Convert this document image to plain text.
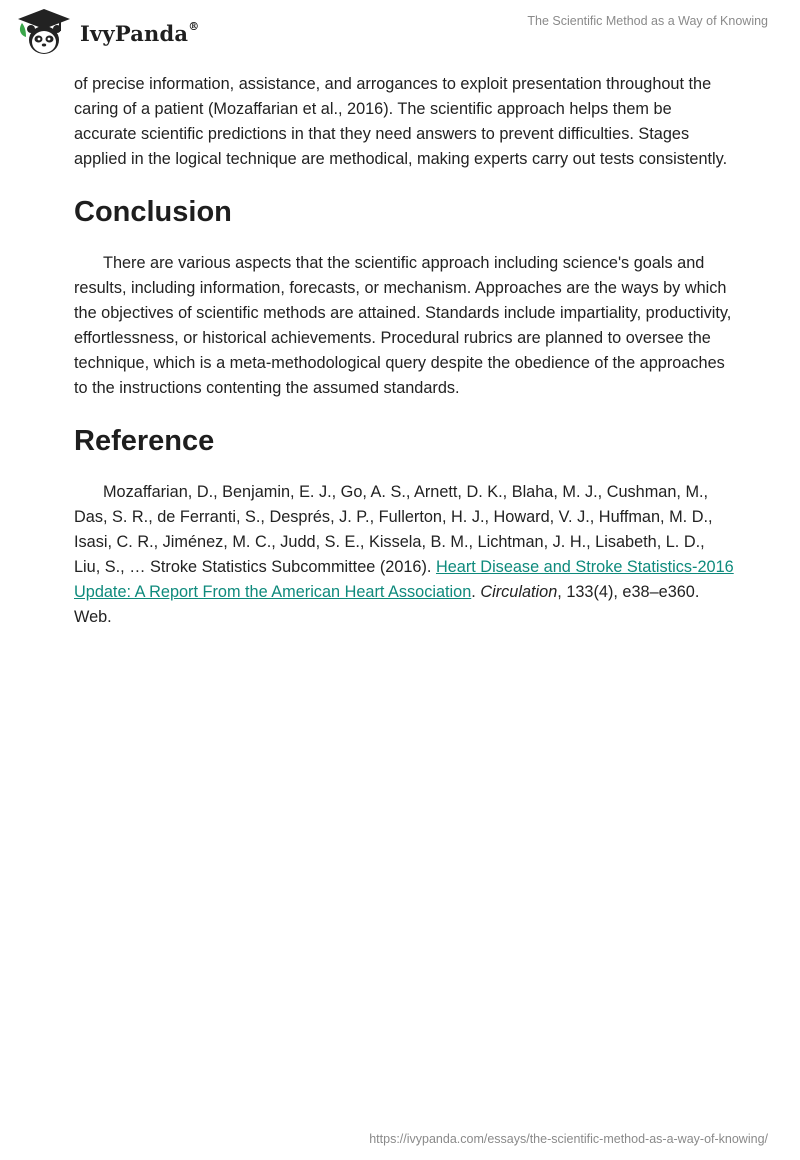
IvyPanda®	The Scientific Method as a Way of Knowing

of precise information, assistance, and arrogances to exploit presentation throughout the caring of a patient (Mozaffarian et al., 2016). The scientific approach helps them be accurate scientific predictions in that they need answers to prevent difficulties. Stages applied in the logical technique are methodical, making experts carry out tests consistently.

Conclusion

There are various aspects that the scientific approach including science's goals and results, including information, forecasts, or mechanism. Approaches are the ways by which the objectives of scientific methods are attained. Standards include impartiality, productivity, effortlessness, or historical achievements. Procedural rubrics are planned to oversee the technique, which is a meta-methodological query despite the obedience of the approaches to the instructions contenting the assumed standards.

Reference

Mozaffarian, D., Benjamin, E. J., Go, A. S., Arnett, D. K., Blaha, M. J., Cushman, M., Das, S. R., de Ferranti, S., Després, J. P., Fullerton, H. J., Howard, V. J., Huffman, M. D., Isasi, C. R., Jiménez, M. C., Judd, S. E., Kissela, B. M., Lichtman, J. H., Lisabeth, L. D., Liu, S., … Stroke Statistics Subcommittee (2016). Heart Disease and Stroke Statistics-2016 Update: A Report From the American Heart Association. Circulation, 133(4), e38–e360. Web.

https://ivypanda.com/essays/the-scientific-method-as-a-way-of-knowing/
